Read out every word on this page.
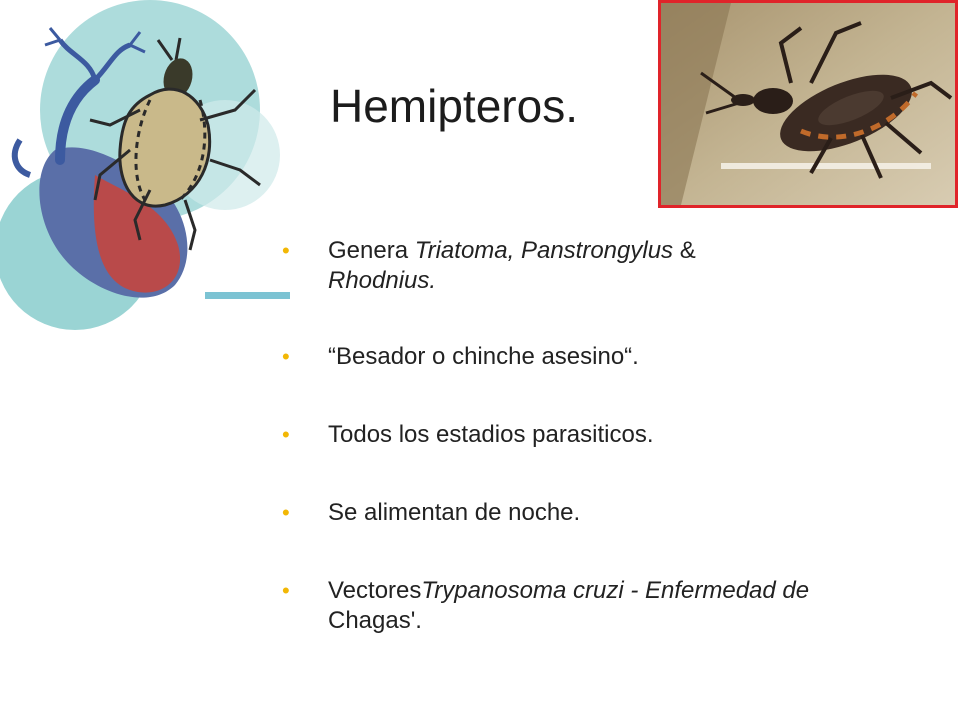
Hemipteros.
•	Genera Triatoma, Panstrongylus &
Rhodnius.
•	“Besador o chinche asesino“.
•	Todos los estadios parasiticos.
•	Se alimentan de noche.
•	VectoresTrypanosoma cruzi - Enfermedad de Chagas'.
